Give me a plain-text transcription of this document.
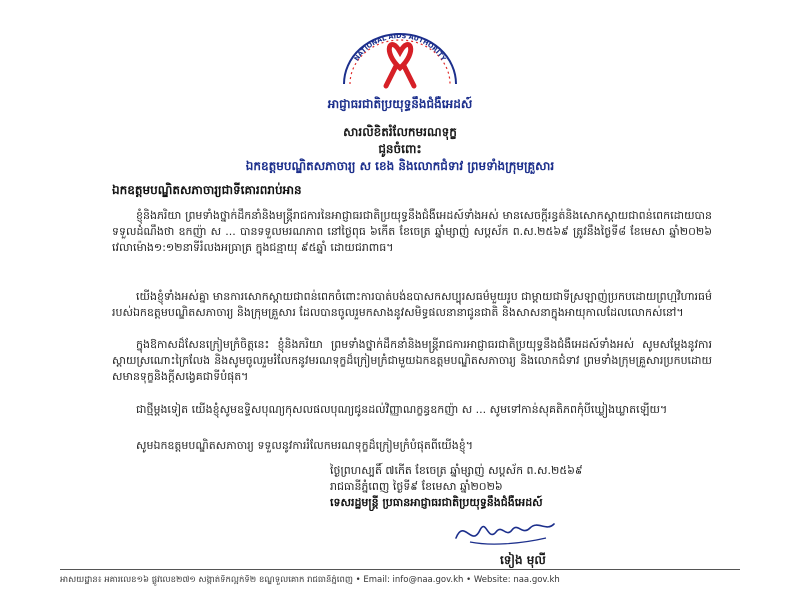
NATIONAL AIDS AUTHORITY
អាជ្ញាធរជាតិប្រយុទ្ធនឹងជំងឺអេដស៍
សារលិខិតរំលែកមរណទុក្ខ
ជូនចំពោះ
ឯកឧត្តមបណ្ឌិតសភាចារ្យ ស ខេង និងលោកជំទាវ ព្រមទាំងក្រុមគ្រួសារ
ឯកឧត្តមបណ្ឌិតសភាចារ្យជាទីគោរពរាប់អាន
ខ្ញុំនិងភរិយា ព្រមទាំងថ្នាក់ដឹកនាំនិងមន្ត្រីរាជការនៃអាជ្ញាធរជាតិប្រយុទ្ធនឹងជំងឺអេដស៍ទាំងអស់ មានសេចក្តីរន្ធត់និងសោកស្តាយជាពន់ពេកដោយបានទទួលដំណឹងថា ឧកញ៉ា ស ... បានទទួលមរណភាព នៅថ្ងៃពុធ ៦កើត ខែចេត្រ ឆ្នាំម្សាញ់ សប្តស័ក ព.ស.២៥៦៩ ត្រូវនឹងថ្ងៃទី៨ ខែមេសា ឆ្នាំ២០២៦ វេលាម៉ោង១:១២នាទីរំលងអធ្រាត្រ ក្នុងជន្មាយុ ៩៥ឆ្នាំ ដោយជរាពាធ។
យើងខ្ញុំទាំងអស់គ្នា មានការសោកស្តាយជាពន់ពេកចំពោះការបាត់បង់ឧបាសកសប្បុរសធម៌មួយរូប ជាម្តាយជាទីស្រឡាញ់ប្រកបដោយព្រហ្មវិហារធម៌របស់ឯកឧត្តមបណ្ឌិតសភាចារ្យ និងក្រុមគ្រួសារ ដែលបានចូលរួមកសាងនូវសមិទ្ធផលនានាជូនជាតិ និងសាសនាក្នុងអាយុកាលដែលលោកស់នៅ។
ក្នុងឱកាសដ៏សែនក្រៀមក្រំចិត្តនេះ ខ្ញុំនិងភរិយា ព្រមទាំងថ្នាក់ដឹកនាំនិងមន្ត្រីរាជការអាជ្ញាធរជាតិប្រយុទ្ធនឹងជំងឺអេដស៍ទាំងអស់ សូមសម្តែងនូវការស្តាយស្រណោះក្រៃលែង និងសូមចូលរួមរំលែកនូវមរណទុក្ខដ៏ក្រៀមក្រំជាមួយឯកឧត្តមបណ្ឌិតសភាចារ្យ និងលោកជំទាវ ព្រមទាំងក្រុមគ្រួសារប្រកបដោយសមានទុក្ខនិងក្តីសង្វេគជាទីបំផុត។
ជាថ្មីម្តងទៀត យើងខ្ញុំសូមឧទ្ទិសបុណ្យកុសលផលបុណ្យជូនដល់វិញ្ញាណក្ខន្ធឧកញ៉ា ស ... សូមទៅកាន់សុគតិភពកុំបីឃ្លៀងឃ្លាតឡើយ។
សូមឯកឧត្តមបណ្ឌិតសភាចារ្យ ទទួលនូវការរំលែកមរណទុក្ខដ៏ក្រៀមក្រំបំផុតពីយើងខ្ញុំ។
ថ្ងៃព្រហស្បតិ៍ ៧កើត ខែចេត្រ ឆ្នាំម្សាញ់ សប្តស័ក ព.ស.២៥៦៩
រាជធានីភ្នំពេញ ថ្ងៃទី៩ ខែមេសា ឆ្នាំ២០២៦
ទេសរដ្ឋមន្ត្រី ប្រធានអាជ្ញាធរជាតិប្រយុទ្ធនឹងជំងឺអេដស៍
ទៀង មុលី
អាសយដ្ឋាន៖ អគារលេខ១៦ ផ្លូវលេខ២៧១ សង្កាត់ទឹកល្អក់ទី២ ខណ្ឌទួលគោក រាជធានីភ្នំពេញ • Email: info@naa.gov.kh • Website: naa.gov.kh
